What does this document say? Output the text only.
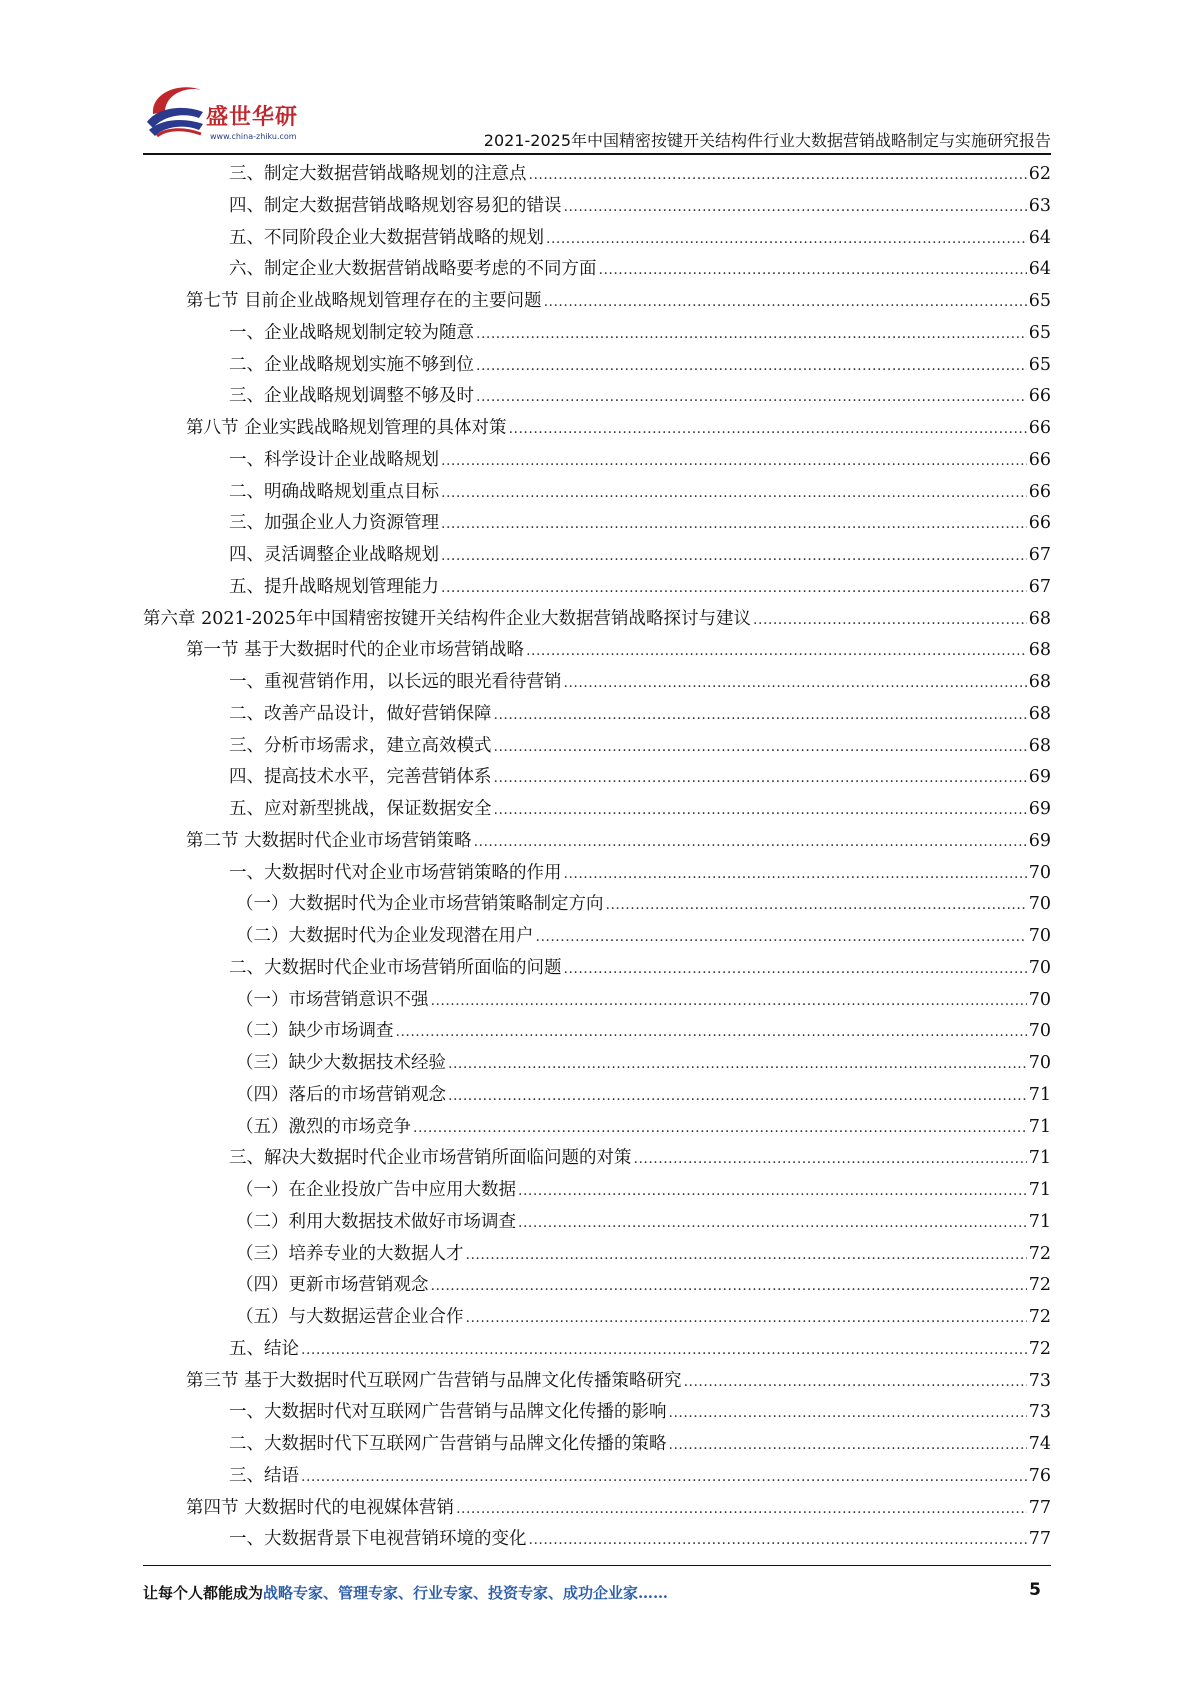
盛世华研
www.china-zhiku.com	2021-2025年中国精密按键开关结构件行业大数据营销战略制定与实施研究报告
三、制定大数据营销战略规划的注意点 .....	62
四、制定大数据营销战略规划容易犯的错误 .....	63
五、不同阶段企业大数据营销战略的规划 .....	64
六、制定企业大数据营销战略要考虑的不同方面 .....	64
第七节 目前企业战略规划管理存在的主要问题 .....	65
一、企业战略规划制定较为随意 .....	65
二、企业战略规划实施不够到位 .....	65
三、企业战略规划调整不够及时 .....	66
第八节 企业实践战略规划管理的具体对策 .....	66
一、科学设计企业战略规划 .....	66
二、明确战略规划重点目标 .....	66
三、加强企业人力资源管理 .....	66
四、灵活调整企业战略规划 .....	67
五、提升战略规划管理能力 .....	67
第六章 2021-2025年中国精密按键开关结构件企业大数据营销战略探讨与建议 .....	68
第一节 基于大数据时代的企业市场营销战略 .....	68
一、重视营销作用，以长远的眼光看待营销 .....	68
二、改善产品设计，做好营销保障 .....	68
三、分析市场需求，建立高效模式 .....	68
四、提高技术水平，完善营销体系 .....	69
五、应对新型挑战，保证数据安全 .....	69
第二节 大数据时代企业市场营销策略 .....	69
一、大数据时代对企业市场营销策略的作用 .....	70
（一）大数据时代为企业市场营销策略制定方向 .....	70
（二）大数据时代为企业发现潜在用户 .....	70
二、大数据时代企业市场营销所面临的问题 .....	70
（一）市场营销意识不强 .....	70
（二）缺少市场调查 .....	70
（三）缺少大数据技术经验 .....	70
（四）落后的市场营销观念 .....	71
（五）激烈的市场竞争 .....	71
三、解决大数据时代企业市场营销所面临问题的对策 .....	71
（一）在企业投放广告中应用大数据 .....	71
（二）利用大数据技术做好市场调查 .....	71
（三）培养专业的大数据人才 .....	72
（四）更新市场营销观念 .....	72
（五）与大数据运营企业合作 .....	72
五、结论 .....	72
第三节 基于大数据时代互联网广告营销与品牌文化传播策略研究 .....	73
一、大数据时代对互联网广告营销与品牌文化传播的影响 .....	73
二、大数据时代下互联网广告营销与品牌文化传播的策略 .....	74
三、结语 .....	76
第四节 大数据时代的电视媒体营销 .....	77
一、大数据背景下电视营销环境的变化 .....	77
让每个人都能成为战略专家、管理专家、行业专家、投资专家、成功企业家……	5
